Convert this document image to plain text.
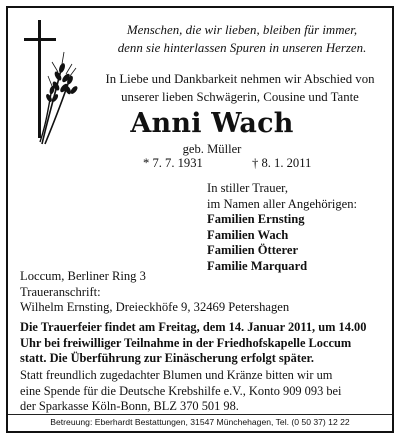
Menschen, die wir lieben, bleiben für immer,
denn sie hinterlassen Spuren in unseren Herzen.
In Liebe und Dankbarkeit nehmen wir Abschied von
unserer lieben Schwägerin, Cousine und Tante
Anni Wach
geb. Müller
* 7. 7. 1931	† 8. 1. 2011
In stiller Trauer,
im Namen aller Angehörigen:
Familien Ernsting
Familien Wach
Familien Ötterer
Familie Marquard
Loccum, Berliner Ring 3
Traueranschrift:
Wilhelm Ernsting, Dreieckhöfe 9, 32469 Petershagen
Die Trauerfeier findet am Freitag, dem 14. Januar 2011, um 14.00
Uhr bei freiwilliger Teilnahme in der Friedhofskapelle Loccum
statt. Die Überführung zur Einäscherung erfolgt später.
Statt freundlich zugedachter Blumen und Kränze bitten wir um
eine Spende für die Deutsche Krebshilfe e.V., Konto 909 093 bei
der Sparkasse Köln-Bonn, BLZ 370 501 98.
Betreuung: Eberhardt Bestattungen, 31547 Münchehagen, Tel. (0 50 37) 12 22
